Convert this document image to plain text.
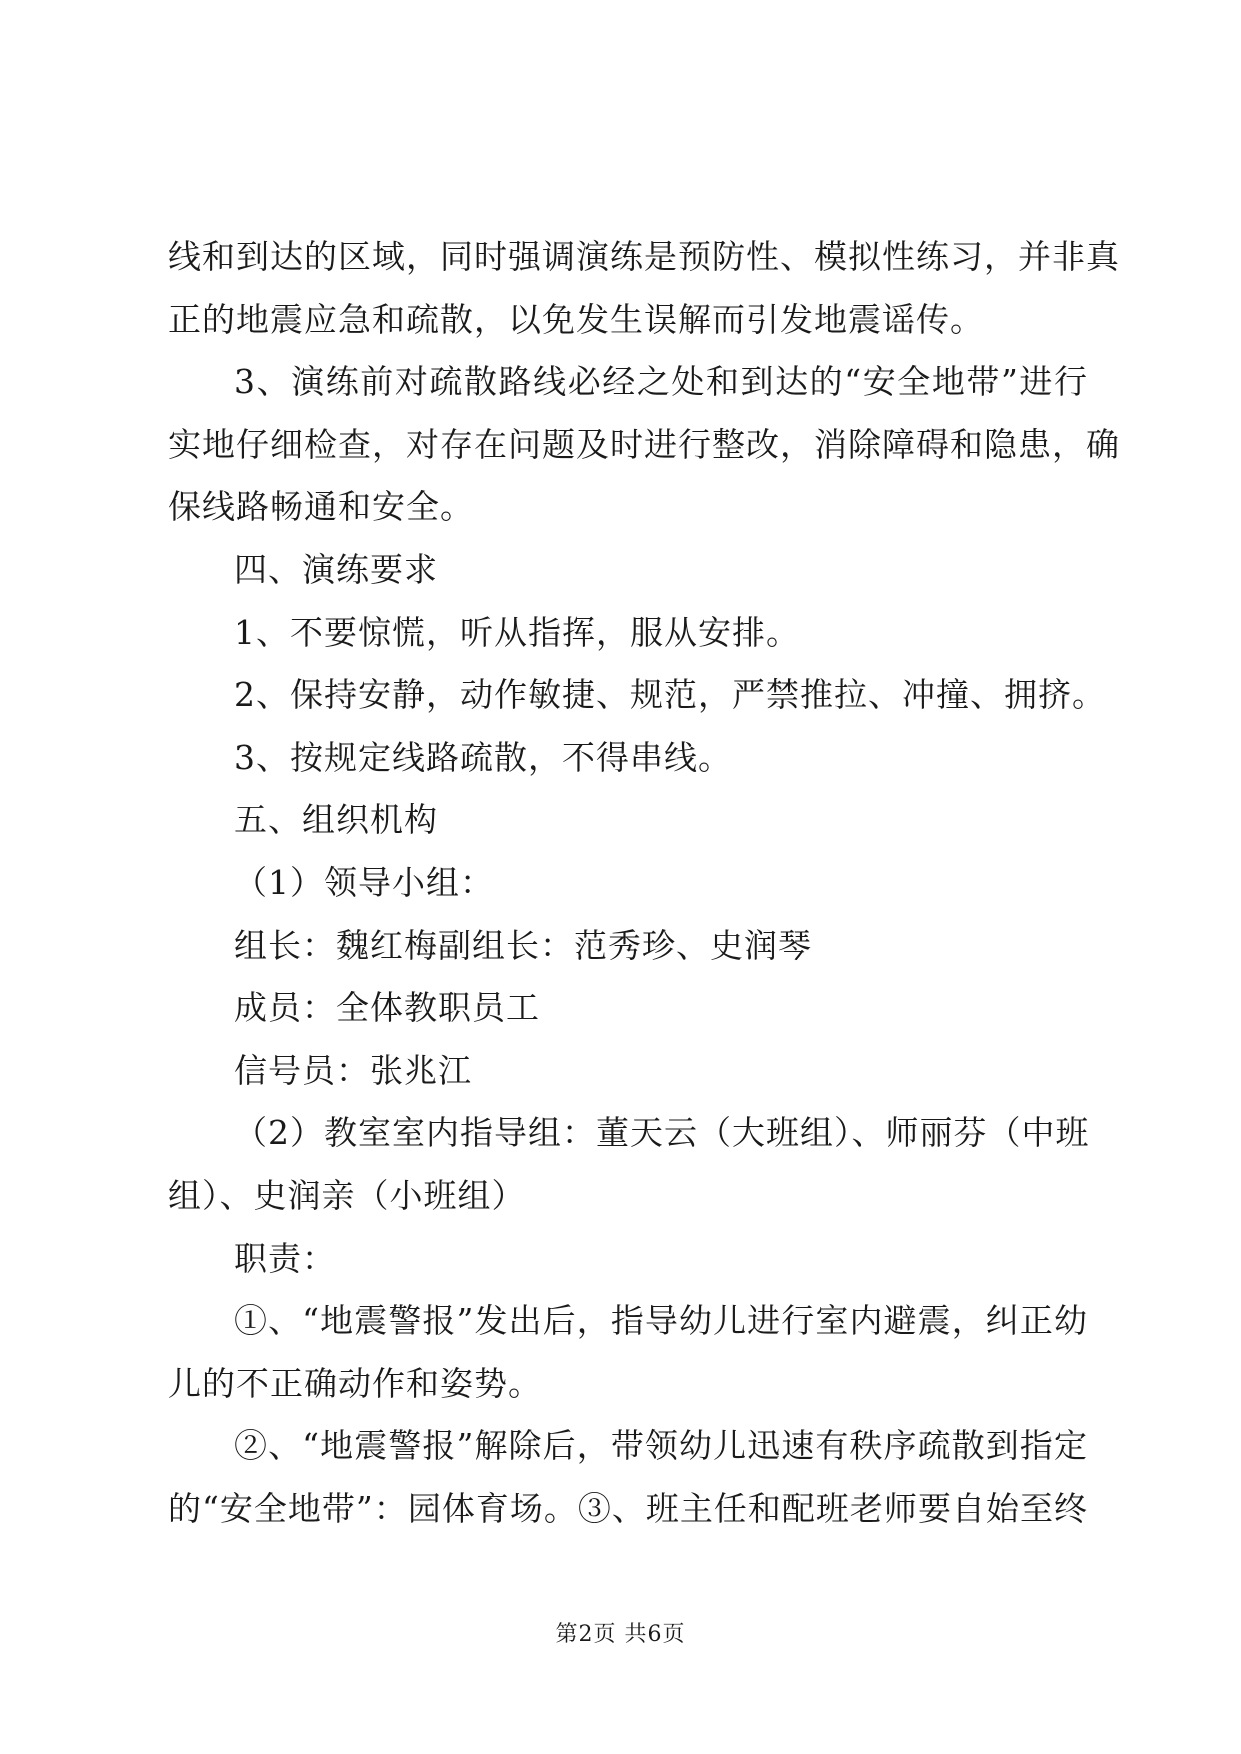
线和到达的区域，同时强调演练是预防性、模拟性练习，并非真
正的地震应急和疏散，以免发生误解而引发地震谣传。
3、演练前对疏散路线必经之处和到达的“安全地带”进行
实地仔细检查，对存在问题及时进行整改，消除障碍和隐患，确
保线路畅通和安全。
四、演练要求
1、不要惊慌，听从指挥，服从安排。
2、保持安静，动作敏捷、规范，严禁推拉、冲撞、拥挤。
3、按规定线路疏散，不得串线。
五、组织机构
（1）领导小组：
组长：魏红梅副组长：范秀珍、史润琴
成员：全体教职员工
信号员：张兆江
（2）教室室内指导组：董天云（大班组）、师丽芬（中班
组）、史润亲（小班组）
职责：
①、“地震警报”发出后，指导幼儿进行室内避震，纠正幼
儿的不正确动作和姿势。
②、“地震警报”解除后，带领幼儿迅速有秩序疏散到指定
的“安全地带”：园体育场。③、班主任和配班老师要自始至终
第2页 共6页
